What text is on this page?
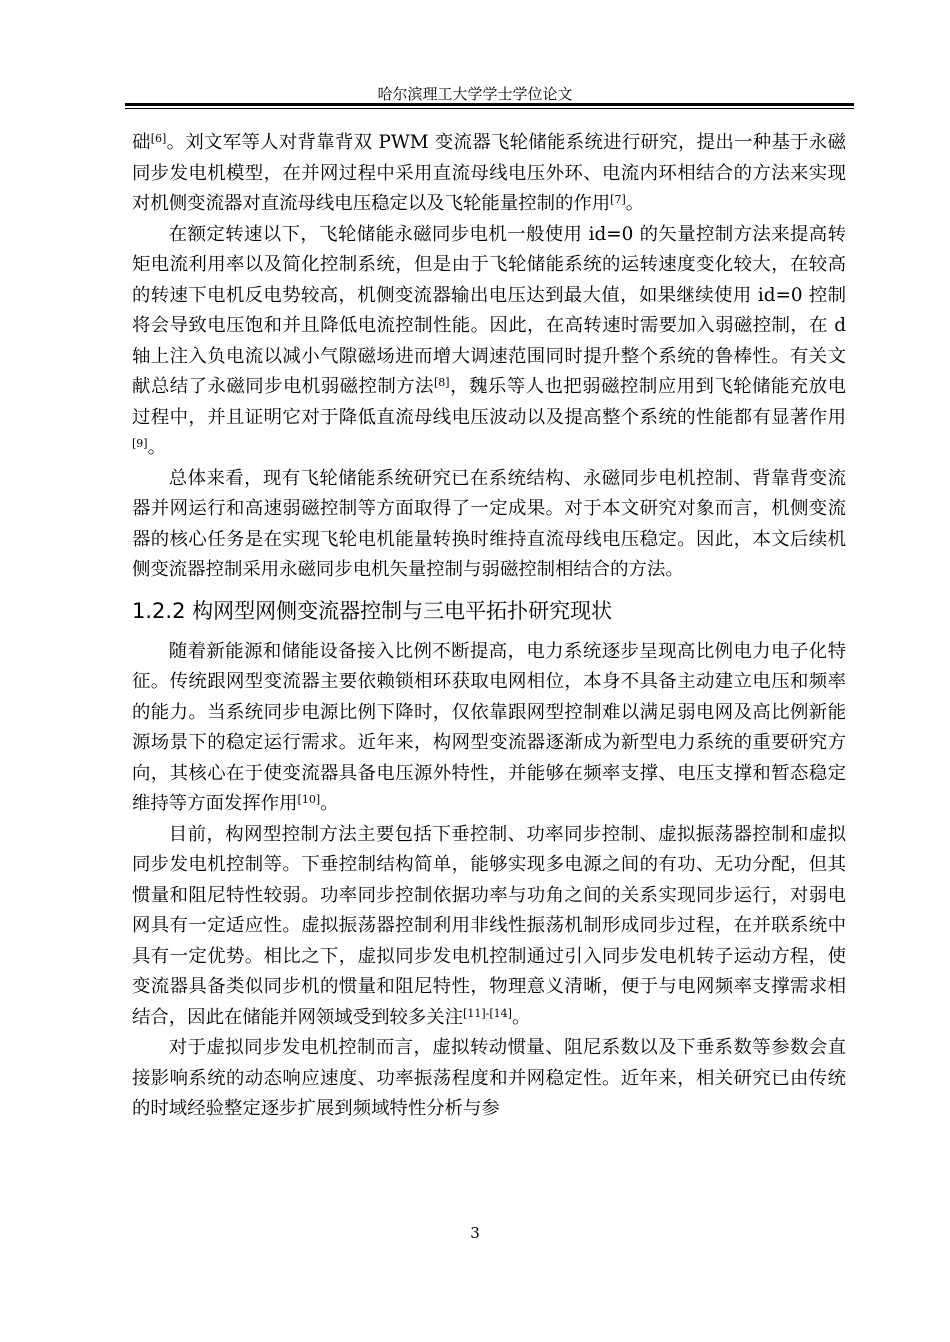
哈尔滨理工大学学士学位论文

础[6]。刘文军等人对背靠背双 PWM 变流器飞轮储能系统进行研究，提出一种基于永磁同步发电机模型，在并网过程中采用直流母线电压外环、电流内环相结合的方法来实现对机侧变流器对直流母线电压稳定以及飞轮能量控制的作用[7]。

在额定转速以下，飞轮储能永磁同步电机一般使用 id=0 的矢量控制方法来提高转矩电流利用率以及简化控制系统，但是由于飞轮储能系统的运转速度变化较大，在较高的转速下电机反电势较高，机侧变流器输出电压达到最大值，如果继续使用 id=0 控制将会导致电压饱和并且降低电流控制性能。因此，在高转速时需要加入弱磁控制，在 d 轴上注入负电流以减小气隙磁场进而增大调速范围同时提升整个系统的鲁棒性。有关文献总结了永磁同步电机弱磁控制方法[8]，魏乐等人也把弱磁控制应用到飞轮储能充放电过程中，并且证明它对于降低直流母线电压波动以及提高整个系统的性能都有显著作用[9]。

总体来看，现有飞轮储能系统研究已在系统结构、永磁同步电机控制、背靠背变流器并网运行和高速弱磁控制等方面取得了一定成果。对于本文研究对象而言，机侧变流器的核心任务是在实现飞轮电机能量转换时维持直流母线电压稳定。因此，本文后续机侧变流器控制采用永磁同步电机矢量控制与弱磁控制相结合的方法。

1.2.2 构网型网侧变流器控制与三电平拓扑研究现状

随着新能源和储能设备接入比例不断提高，电力系统逐步呈现高比例电力电子化特征。传统跟网型变流器主要依赖锁相环获取电网相位，本身不具备主动建立电压和频率的能力。当系统同步电源比例下降时，仅依靠跟网型控制难以满足弱电网及高比例新能源场景下的稳定运行需求。近年来，构网型变流器逐渐成为新型电力系统的重要研究方向，其核心在于使变流器具备电压源外特性，并能够在频率支撑、电压支撑和暂态稳定维持等方面发挥作用[10]。

目前，构网型控制方法主要包括下垂控制、功率同步控制、虚拟振荡器控制和虚拟同步发电机控制等。下垂控制结构简单，能够实现多电源之间的有功、无功分配，但其惯量和阻尼特性较弱。功率同步控制依据功率与功角之间的关系实现同步运行，对弱电网具有一定适应性。虚拟振荡器控制利用非线性振荡机制形成同步过程，在并联系统中具有一定优势。相比之下，虚拟同步发电机控制通过引入同步发电机转子运动方程，使变流器具备类似同步机的惯量和阻尼特性，物理意义清晰，便于与电网频率支撑需求相结合，因此在储能并网领域受到较多关注[11]-[14]。

对于虚拟同步发电机控制而言，虚拟转动惯量、阻尼系数以及下垂系数等参数会直接影响系统的动态响应速度、功率振荡程度和并网稳定性。近年来，相关研究已由传统的时域经验整定逐步扩展到频域特性分析与参

3
